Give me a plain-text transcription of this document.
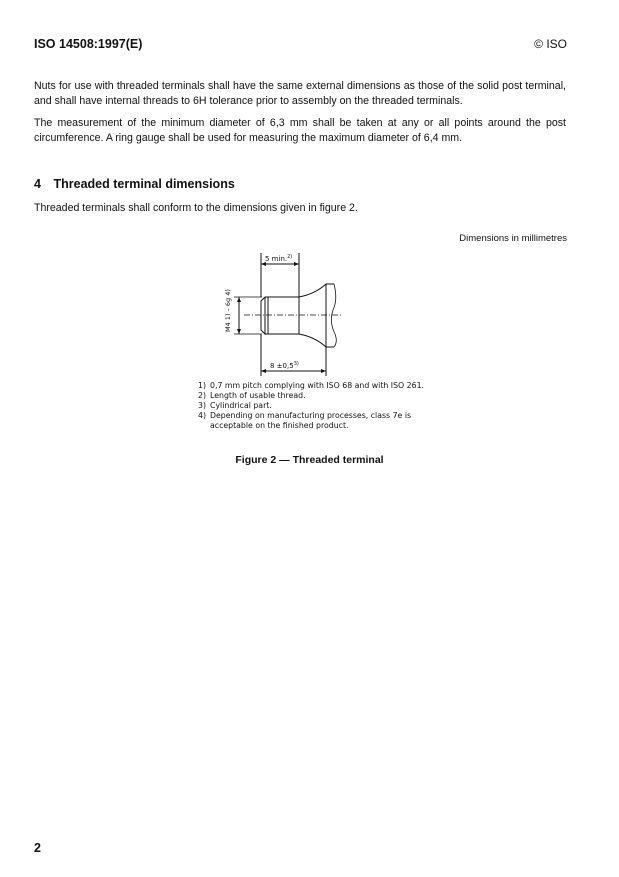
ISO 14508:1997(E)	© ISO
Nuts for use with threaded terminals shall have the same external dimensions as those of the solid post terminal, and shall have internal threads to 6H tolerance prior to assembly on the threaded terminals.
The measurement of the minimum diameter of 6,3 mm shall be taken at any or all points around the post circumference. A ring gauge shall be used for measuring the maximum diameter of 6,4 mm.
4 Threaded terminal dimensions
Threaded terminals shall conform to the dimensions given in figure 2.
Dimensions in millimetres
5 min.$^{2)}$
$8 \pm 0,5^{3)}$
M4 1) – 6g 4)
1) 0,7 mm pitch complying with ISO 68 and with ISO 261.
2) Length of usable thread.
3) Cylindrical part.
4) Depending on manufacturing processes, class 7e is
acceptable on the finished product.
Figure 2 — Threaded terminal
2
